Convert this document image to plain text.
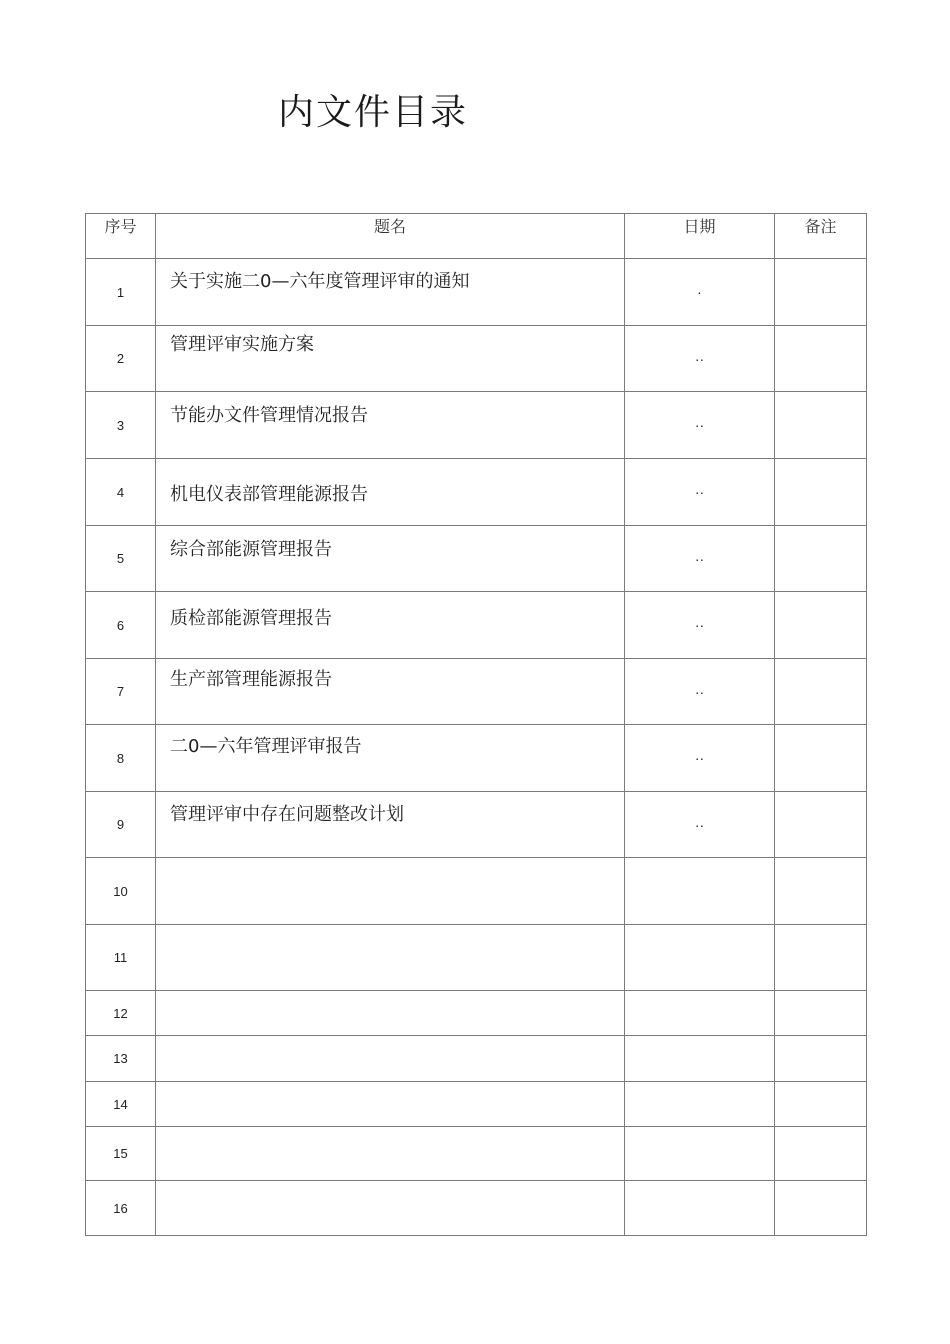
内文件目录
序号	题名	日期	备注
1	关于实施二0—六年度管理评审的通知	·	
2	管理评审实施方案	··	
3	节能办文件管理情况报告	··	
4	机电仪表部管理能源报告	··	
5	综合部能源管理报告	··	
6	质检部能源管理报告	··	
7	生产部管理能源报告	··	
8	二0—六年管理评审报告	··	
9	管理评审中存在问题整改计划	··	
10			
11			
12			
13			
14			
15			
16			
